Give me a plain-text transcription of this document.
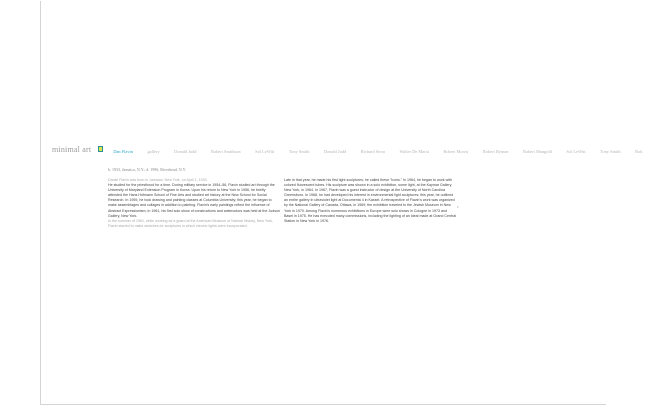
minimal art	Dan Flavin	gallery	Donald Judd	Robert Smithson	Sol LeWitt	Tony Smith	Donald Judd	Richard Serra	Walter De Maria	Robert Morris	Robert Ryman	Robert Mangold	Sol LeWitt	Tony Smith	Rob
b. 1933, Jamaica, N.Y.; d. 1996, Riverhead, N.Y.

Daniel Flavin was born in Jamaica, New York, on April 1, 1933.

He studied for the priesthood for a time. During military service in 1954–56, Flavin studied art through the University of Maryland Extension Program in Korea. Upon his return to New York in 1956, he briefly attended the Hans Hofmann School of Fine Arts and studied art history at the New School for Social Research. In 1959, he took drawing and painting classes at Columbia University; this year, he began to make assemblages and collages in addition to painting. Flavin's early paintings reflect the influence of Abstract Expressionism; in 1961, his first solo show of constructions and watercolors was held at the Judson Gallery, New York.

In the summer of 1961, while working as a guard at the American Museum of Natural History, New York, Flavin started to make sketches for sculptures in which electric lights were incorporated.

Late in that year, he made his first light sculptures; he called these "icons." In 1964, he began to work with colored fluorescent tubes. His sculpture was shown in a solo exhibition, some light, at the Kaymar Gallery, New York, in 1964. In 1967, Flavin was a guest instructor of design at the University of North Carolina Greensboro. In 1968, he had developed his interest in environmental light sculptures; this year, he outlined an entire gallery in ultraviolet light at Documenta 4 in Kassel. A retrospective of Flavin's work was organized by the National Gallery of Canada, Ottawa, in 1969; the exhibition traveled to the Jewish Museum in New York in 1970. Among Flavin's numerous exhibitions in Europe were solo shows in Cologne in 1973 and Basel in 1975. He has executed many commissions, including the lighting of an ideal made at Grand Central Station in New York in 1976.

›
